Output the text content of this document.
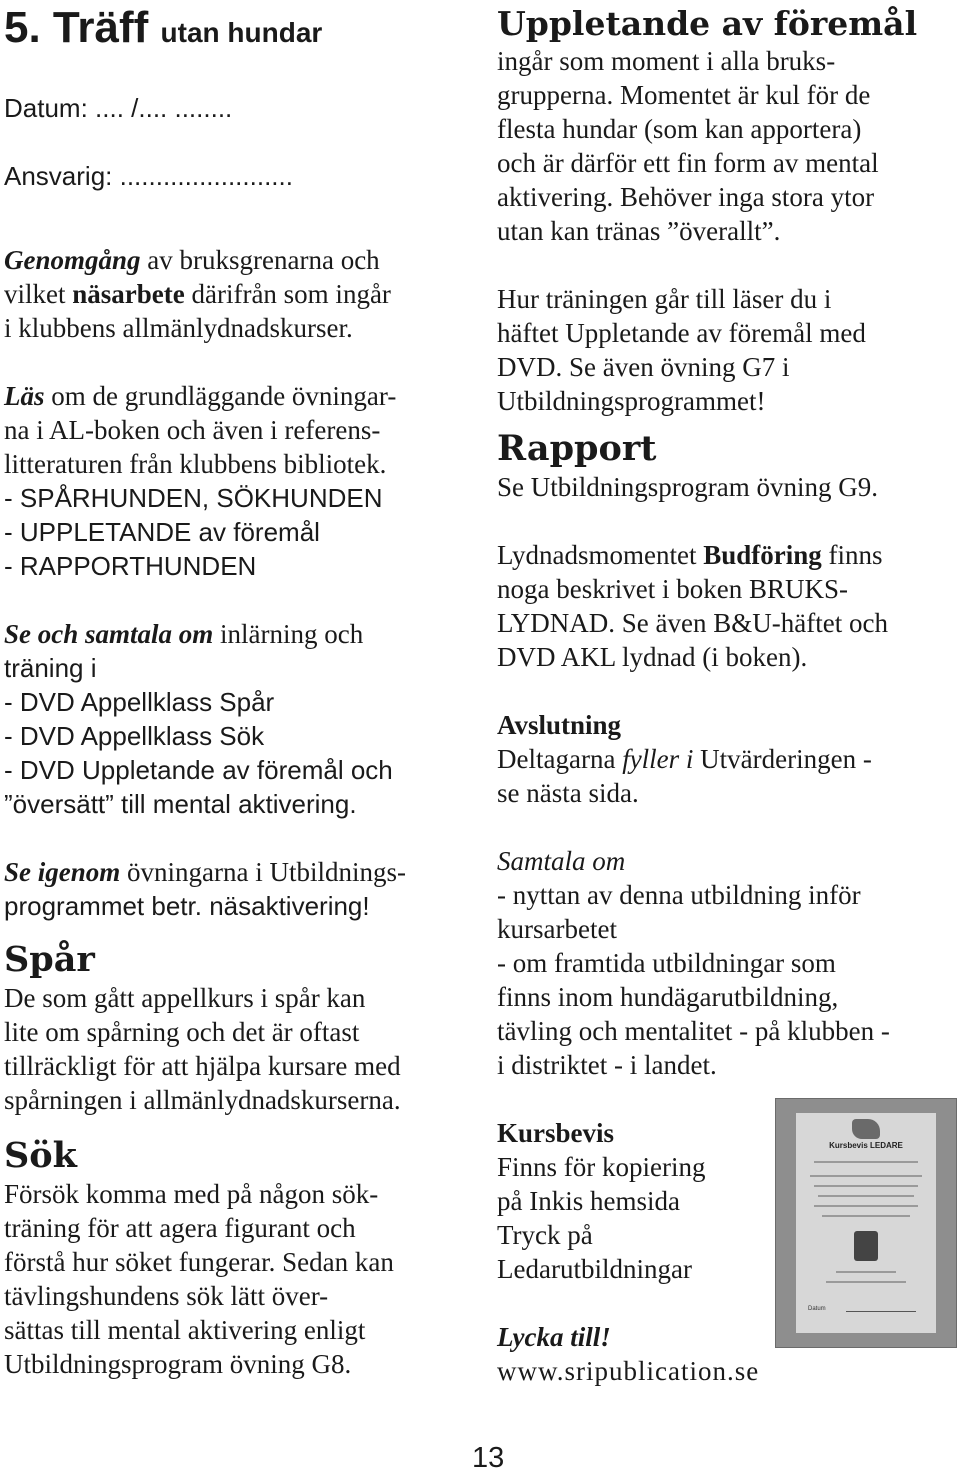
5. Träff utan hundar

Datum: .... /.... ........

Ansvarig: ........................

Genomgång av bruksgrenarna och

vilket näsarbete därifrån som ingår

i klubbens allmänlydnadskurser.

Läs om de grundläggande övningar-

na i AL-boken och även i referens-

litteraturen från klubbens bibliotek.

- SPÅRHUNDEN, SÖKHUNDEN

- UPPLETANDE av föremål

- RAPPORTHUNDEN

Se och samtala om inlärning och

träning i

- DVD Appellklass Spår

- DVD Appellklass Sök

- DVD Uppletande av föremål och

”översätt” till mental aktivering.

Se igenom övningarna i Utbildnings-

programmet betr. näsaktivering!

Spår

De som gått appellkurs i spår kan

lite om spårning och det är oftast

tillräckligt för att hjälpa kursare med

spårningen i allmänlydnadskurserna.

Sök

Försök komma med på någon sök-

träning för att agera figurant och

förstå hur söket fungerar. Sedan kan

tävlingshundens sök lätt över-

sättas till mental aktivering enligt

Utbildningsprogram övning G8.

Uppletande av föremål

ingår som moment i alla bruks-

grupperna. Momentet är kul för de

flesta hundar (som kan apportera)

och är därför ett fin form av mental

aktivering. Behöver inga stora ytor

utan kan tränas ”överallt”.

Hur träningen går till läser du i

häftet Uppletande av föremål med

DVD. Se även övning G7 i

Utbildningsprogrammet!

Rapport

Se Utbildningsprogram övning G9.

Lydnadsmomentet Budföring finns

noga beskrivet i boken BRUKS-

LYDNAD. Se även B&U-häftet och

DVD AKL lydnad (i boken).

Avslutning

Deltagarna fyller i Utvärderingen -

se nästa sida.

Samtala om

- nyttan av denna utbildning inför

kursarbetet

- om framtida utbildningar som

finns inom hundägarutbildning,

tävling och mentalitet - på klubben -

i distriktet - i landet.

Kursbevis

Finns för kopiering

på Inkis hemsida

Tryck på

Ledarutbildningar

Lycka till!

www.sripublication.se

Kursbevis LEDARE
Datum
13
